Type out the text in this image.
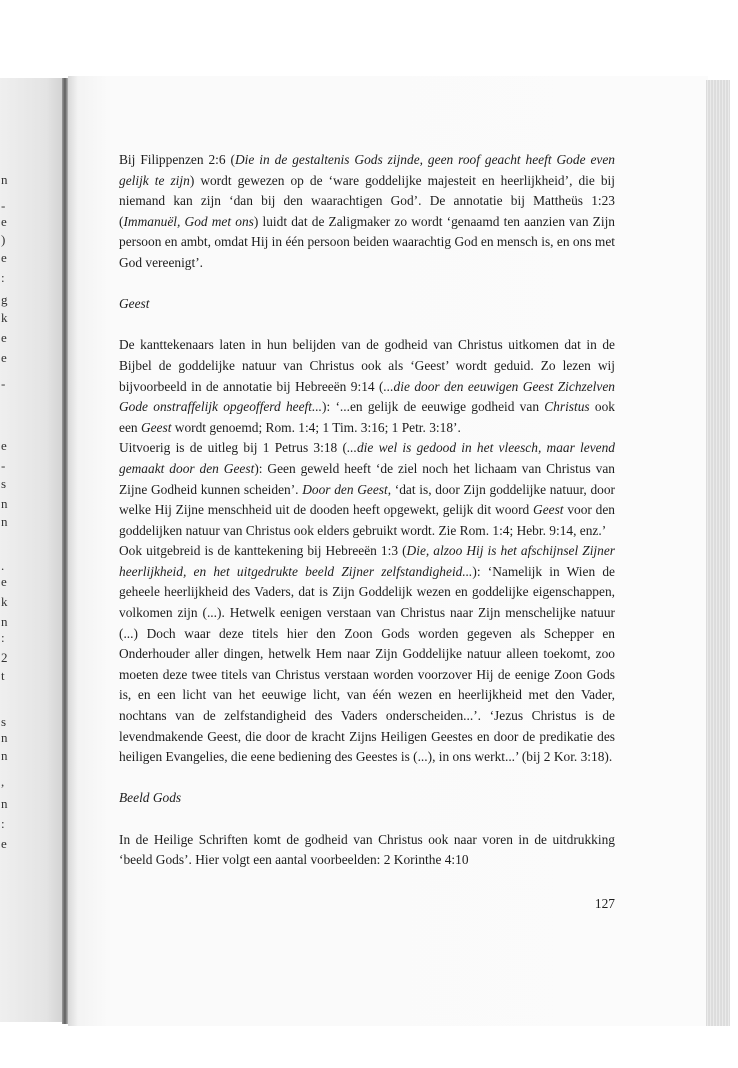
Bij Filippenzen 2:6 (Die in de gestaltenis Gods zijnde, geen roof geacht heeft Gode even gelijk te zijn) wordt gewezen op de ‘ware goddelijke majesteit en heerlijkheid’, die bij niemand kan zijn ‘dan bij den waarachtigen God’. De annotatie bij Mattheüs 1:23 (Immanuël, God met ons) luidt dat de Zaligmaker zo wordt ‘genaamd ten aanzien van Zijn persoon en ambt, omdat Hij in één persoon beiden waarachtig God en mensch is, en ons met God vereenigt’.

Geest

De kanttekenaars laten in hun belijden van de godheid van Christus uitkomen dat in de Bijbel de goddelijke natuur van Christus ook als ‘Geest’ wordt geduid. Zo lezen wij bijvoorbeeld in de annotatie bij Hebreeën 9:14 (...die door den eeuwigen Geest Zichzelven Gode onstraffelijk opgeofferd heeft...): ‘...en gelijk de eeuwige godheid van Christus ook een Geest wordt genoemd; Rom. 1:4; 1 Tim. 3:16; 1 Petr. 3:18’.

Uitvoerig is de uitleg bij 1 Petrus 3:18 (...die wel is gedood in het vleesch, maar levend gemaakt door den Geest): Geen geweld heeft ‘de ziel noch het lichaam van Christus van Zijne Godheid kunnen scheiden’. Door den Geest, ‘dat is, door Zijn goddelijke natuur, door welke Hij Zijne menschheid uit de dooden heeft opgewekt, gelijk dit woord Geest voor den goddelijken natuur van Christus ook elders gebruikt wordt. Zie Rom. 1:4; Hebr. 9:14, enz.’

Ook uitgebreid is de kanttekening bij Hebreeën 1:3 (Die, alzoo Hij is het afschijnsel Zijner heerlijkheid, en het uitgedrukte beeld Zijner zelfstandigheid...): ‘Namelijk in Wien de geheele heerlijkheid des Vaders, dat is Zijn Goddelijk wezen en goddelijke eigenschappen, volkomen zijn (...). Hetwelk eenigen verstaan van Christus naar Zijn menschelijke natuur (...) Doch waar deze titels hier den Zoon Gods worden gegeven als Schepper en Onderhouder aller dingen, hetwelk Hem naar Zijn Goddelijke natuur alleen toekomt, zoo moeten deze twee titels van Christus verstaan worden voorzover Hij de eenige Zoon Gods is, en een licht van het eeuwige licht, van één wezen en heerlijkheid met den Vader, nochtans van de zelfstandigheid des Vaders onderscheiden...’. ‘Jezus Christus is de levendmakende Geest, die door de kracht Zijns Heiligen Geestes en door de predikatie des heiligen Evangelies, die eene bediening des Geestes is (...), in ons werkt...’ (bij 2 Kor. 3:18).

Beeld Gods

In de Heilige Schriften komt de godheid van Christus ook naar voren in de uitdrukking ‘beeld Gods’. Hier volgt een aantal voorbeelden: 2 Korinthe 4:10

127
n
-
e
)
e
:
g
k
e
e
-
e
-
s
n
n
.
e
k
n
:
2
t
s
n
n
,
n
:
e
